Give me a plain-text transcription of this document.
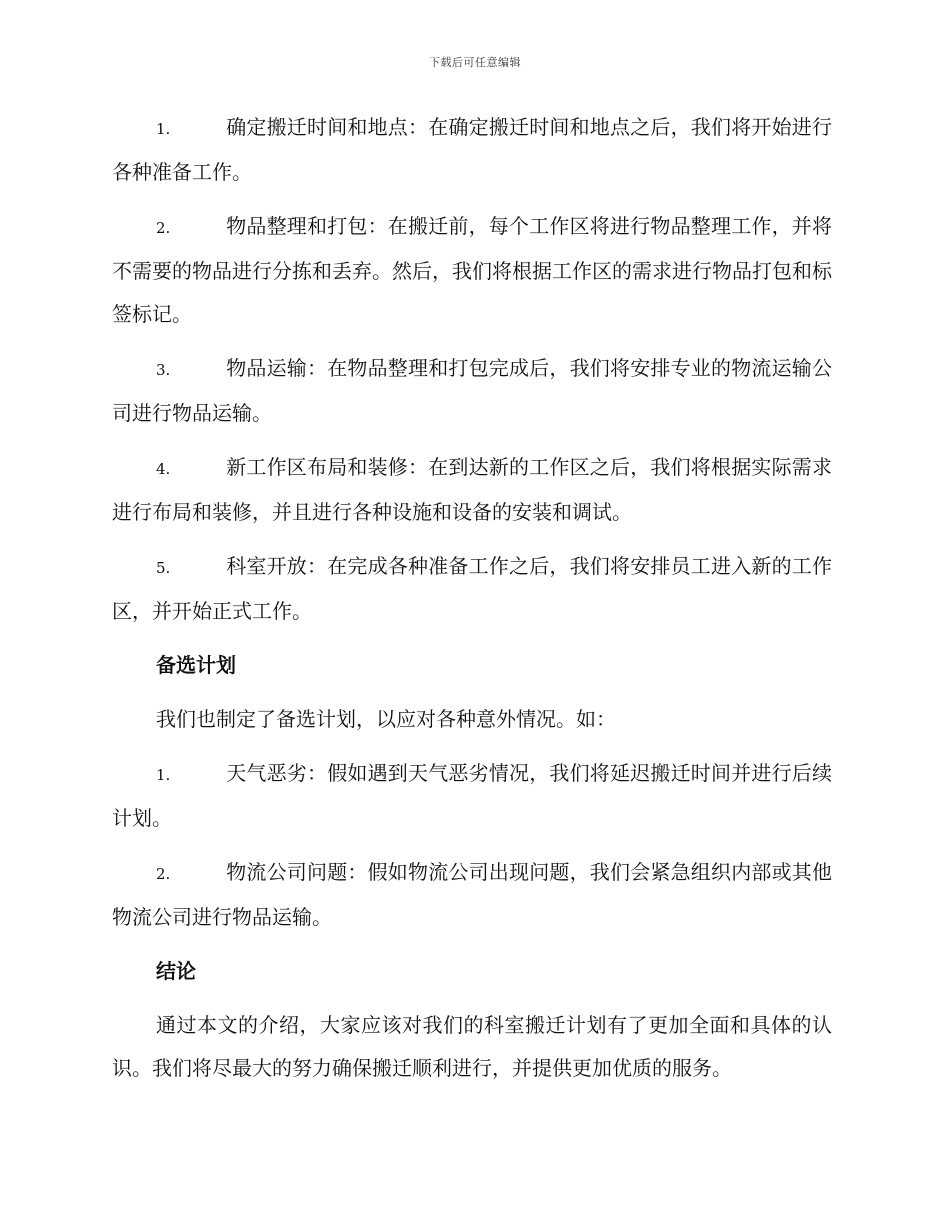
下载后可任意编辑

1.	确定搬迁时间和地点：在确定搬迁时间和地点之后，我们将开始进行各种准备工作。

2.	物品整理和打包：在搬迁前，每个工作区将进行物品整理工作，并将不需要的物品进行分拣和丢弃。然后，我们将根据工作区的需求进行物品打包和标签标记。

3.	物品运输：在物品整理和打包完成后，我们将安排专业的物流运输公司进行物品运输。

4.	新工作区布局和装修：在到达新的工作区之后，我们将根据实际需求进行布局和装修，并且进行各种设施和设备的安装和调试。

5.	科室开放：在完成各种准备工作之后，我们将安排员工进入新的工作区，并开始正式工作。

备选计划

我们也制定了备选计划，以应对各种意外情况。如：

1.	天气恶劣：假如遇到天气恶劣情况，我们将延迟搬迁时间并进行后续计划。

2.	物流公司问题：假如物流公司出现问题，我们会紧急组织内部或其他物流公司进行物品运输。

结论

通过本文的介绍，大家应该对我们的科室搬迁计划有了更加全面和具体的认识。我们将尽最大的努力确保搬迁顺利进行，并提供更加优质的服务。
